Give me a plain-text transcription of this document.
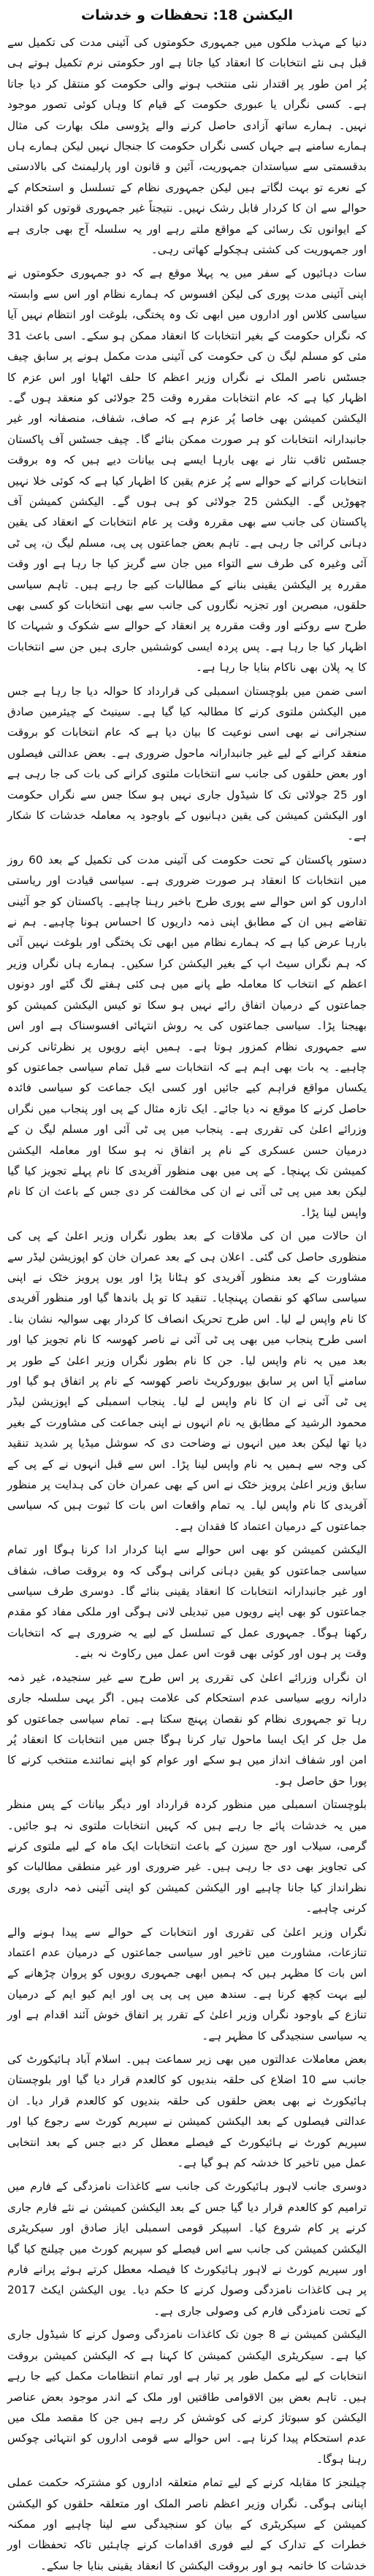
الیکشن 18: تحفظات و خدشات

دنیا کے مہذب ملکوں میں جمہوری حکومتوں کی آئینی مدت کی تکمیل سے قبل ہی نئے انتخابات کا انعقاد کیا جاتا ہے اور حکومتی نرم تکمیل ہوتے ہی پُر امن طور پر اقتدار نئی منتخب ہونے والی حکومت کو منتقل کر دیا جاتا ہے۔ کسی نگراں یا عبوری حکومت کے قیام کا وہاں کوئی تصور موجود نہیں۔ ہمارے ساتھ آزادی حاصل کرنے والے پڑوسی ملک بھارت کی مثال ہمارے سامنے ہے جہاں کسی نگراں حکومت کا جنجال نہیں لیکن ہمارے ہاں بدقسمتی سے سیاستدان جمہوریت، آئین و قانون اور پارلیمنٹ کی بالادستی کے نعرے تو بہت لگاتے ہیں لیکن جمہوری نظام کے تسلسل و استحکام کے حوالے سے ان کا کردار قابل رشک نہیں۔ نتیجتاً غیر جمہوری قوتوں کو اقتدار کے ایوانوں تک رسائی کے مواقع ملتے رہے اور یہ سلسلہ آج بھی جاری ہے اور جمہوریت کی کشتی ہچکولے کھاتی رہی۔

سات دہائیوں کے سفر میں یہ پہلا موقع ہے کہ دو جمہوری حکومتوں نے اپنی آئینی مدت پوری کی لیکن افسوس کہ ہمارے نظام اور اس سے وابستہ سیاسی کلاس اور اداروں میں ابھی تک وہ پختگی، بلوغت اور انتظام نہیں آیا کہ نگراں حکومت کے بغیر انتخابات کا انعقاد ممکن ہو سکے۔ اسی باعث 31 مئی کو مسلم لیگ ن کی حکومت کی آئینی مدت مکمل ہونے پر سابق چیف جسٹس ناصر الملک نے نگراں وزیر اعظم کا حلف اٹھایا اور اس عزم کا اظہار کیا ہے کہ عام انتخابات مقررہ وقت 25 جولائی کو منعقد ہوں گے۔ الیکشن کمیشن بھی خاصا پُر عزم ہے کہ صاف، شفاف، منصفانہ اور غیر جانبدارانہ انتخابات کو ہر صورت ممکن بنائے گا۔ چیف جسٹس آف پاکستان جسٹس ثاقب نثار نے بھی بارہا ایسے ہی بیانات دیے ہیں کہ وہ بروقت انتخابات کرانے کے حوالے سے پُر عزم یقین کا اظہار کیا ہے کہ کوئی خلا نہیں چھوڑیں گے۔ الیکشن 25 جولائی کو ہی ہوں گے۔ الیکشن کمیشن آف پاکستان کی جانب سے بھی مقررہ وقت پر عام انتخابات کے انعقاد کی یقین دہانی کرائی جا رہی ہے۔ تاہم بعض جماعتوں پی پی، مسلم لیگ ن، پی ٹی آئی وغیرہ کی طرف سے التواء میں جان سے گریز کیا جا رہا ہے اور وقت مقررہ پر الیکشن یقینی بنانے کے مطالبات کیے جا رہے ہیں۔ تاہم سیاسی حلقوں، مبصرین اور تجزیہ نگاروں کی جانب سے بھی انتخابات کو کسی بھی طرح سے روکنے اور وقت مقررہ پر انعقاد کے حوالے سے شکوک و شبہات کا اظہار کیا جا رہا ہے۔ پس پردہ ایسی کوششیں جاری ہیں جن سے انتخابات کا یہ پلان بھی ناکام بنایا جا رہا ہے۔

اسی ضمن میں بلوچستان اسمبلی کی قرارداد کا حوالہ دیا جا رہا ہے جس میں الیکشن ملتوی کرنے کا مطالبہ کیا گیا ہے۔ سینیٹ کے چیئرمین صادق سنجرانی نے بھی اسی نوعیت کا بیان دیا ہے کہ عام انتخابات کو بروقت منعقد کرانے کے لیے غیر جانبدارانہ ماحول ضروری ہے۔ بعض عدالتی فیصلوں اور بعض حلقوں کی جانب سے انتخابات ملتوی کرانے کی بات کی جا رہی ہے اور 25 جولائی تک کا شیڈول جاری نہیں ہو سکا جس سے نگراں حکومت اور الیکشن کمیشن کی یقین دہانیوں کے باوجود یہ معاملہ خدشات کا شکار ہے۔

دستور پاکستان کے تحت حکومت کی آئینی مدت کی تکمیل کے بعد 60 روز میں انتخابات کا انعقاد ہر صورت ضروری ہے۔ سیاسی قیادت اور ریاستی اداروں کو اس حوالے سے پوری طرح باخبر رہنا چاہیے۔ پاکستان کو جو آئینی تقاضے ہیں ان کے مطابق اپنی ذمہ داریوں کا احساس ہونا چاہیے۔ ہم نے بارہا عرض کیا ہے کہ ہمارے نظام میں ابھی تک پختگی اور بلوغت نہیں آئی کہ ہم نگراں سیٹ اپ کے بغیر الیکشن کرا سکیں۔ ہمارے ہاں نگراں وزیر اعظم کے انتخاب کا معاملہ طے پانے میں ہی کئی ہفتے لگ گئے اور دونوں جماعتوں کے درمیان اتفاق رائے نہیں ہو سکا تو کیس الیکشن کمیشن کو بھیجنا پڑا۔ سیاسی جماعتوں کی یہ روش انتہائی افسوسناک ہے اور اس سے جمہوری نظام کمزور ہوتا ہے۔ ہمیں اپنے رویوں پر نظرثانی کرنی چاہیے۔ یہ بات بھی اہم ہے کہ انتخابات سے قبل تمام سیاسی جماعتوں کو یکساں مواقع فراہم کیے جائیں اور کسی ایک جماعت کو سیاسی فائدہ حاصل کرنے کا موقع نہ دیا جائے۔ ایک تازہ مثال کے پی اور پنجاب میں نگراں وزرائے اعلیٰ کی تقرری ہے۔ پنجاب میں پی ٹی آئی اور مسلم لیگ ن کے درمیان حسن عسکری کے نام پر اتفاق نہ ہو سکا اور معاملہ الیکشن کمیشن تک پہنچا۔ کے پی میں بھی منظور آفریدی کا نام پہلے تجویز کیا گیا لیکن بعد میں پی ٹی آئی نے ان کی مخالفت کر دی جس کے باعث ان کا نام واپس لینا پڑا۔

ان حالات میں ان کی ملاقات کے بعد بطور نگراں وزیر اعلیٰ کے پی کی منظوری حاصل کی گئی۔ اعلان ہی کے بعد عمران خان کو اپوزیشن لیڈر سے مشاورت کے بعد منظور آفریدی کو ہٹانا پڑا اور یوں پرویز خٹک نے اپنی سیاسی ساکھ کو نقصان پہنچایا۔ تنقید کا تو پل باندھا گیا اور منظور آفریدی کا نام واپس لے لیا۔ اس طرح تحریک انصاف کا کردار بھی سوالیہ نشان بنا۔ اسی طرح پنجاب میں بھی پی ٹی آئی نے ناصر کھوسہ کا نام تجویز کیا اور بعد میں یہ نام واپس لیا۔ جن کا نام بطور نگراں وزیر اعلیٰ کے طور پر سامنے آیا اس پر سابق بیوروکریٹ ناصر کھوسہ کے نام پر اتفاق ہو گیا اور پی ٹی آئی نے ان کا نام واپس لے لیا۔ پنجاب اسمبلی کے اپوزیشن لیڈر محمود الرشید کے مطابق یہ نام انہوں نے اپنی جماعت کی مشاورت کے بغیر دیا تھا لیکن بعد میں انہوں نے وضاحت دی کہ سوشل میڈیا پر شدید تنقید کی وجہ سے ہمیں یہ نام واپس لینا پڑا۔ اس سے قبل انہوں نے کے پی کے سابق وزیر اعلیٰ پرویز خٹک نے اس کے بھی عمران خان کی ہدایت پر منظور آفریدی کا نام واپس لیا۔ یہ تمام واقعات اس بات کا ثبوت ہیں کہ سیاسی جماعتوں کے درمیان اعتماد کا فقدان ہے۔

الیکشن کمیشن کو بھی اس حوالے سے اپنا کردار ادا کرنا ہوگا اور تمام سیاسی جماعتوں کو یقین دہانی کرانی ہوگی کہ وہ بروقت صاف، شفاف اور غیر جانبدارانہ انتخابات کا انعقاد یقینی بنائے گا۔ دوسری طرف سیاسی جماعتوں کو بھی اپنے رویوں میں تبدیلی لانی ہوگی اور ملکی مفاد کو مقدم رکھنا ہوگا۔ جمہوری عمل کے تسلسل کے لیے یہ ضروری ہے کہ انتخابات وقت پر ہوں اور کوئی بھی قوت اس عمل میں رکاوٹ نہ بنے۔

ان نگراں وزرائے اعلیٰ کی تقرری پر اس طرح سے غیر سنجیدہ، غیر ذمہ دارانہ رویے سیاسی عدم استحکام کی علامت ہیں۔ اگر یہی سلسلہ جاری رہا تو جمہوری نظام کو نقصان پہنچ سکتا ہے۔ تمام سیاسی جماعتوں کو مل جل کر ایک ایسا ماحول تیار کرنا ہوگا جس میں انتخابات کا انعقاد پُر امن اور شفاف انداز میں ہو سکے اور عوام کو اپنے نمائندے منتخب کرنے کا پورا حق حاصل ہو۔

بلوچستان اسمبلی میں منظور کردہ قرارداد اور دیگر بیانات کے پس منظر میں یہ خدشات پائے جا رہے ہیں کہ کہیں انتخابات ملتوی نہ ہو جائیں۔ گرمی، سیلاب اور حج سیزن کے باعث انتخابات ایک ماہ کے لیے ملتوی کرنے کی تجاویز بھی دی جا رہی ہیں۔ غیر ضروری اور غیر منطقی مطالبات کو نظرانداز کیا جانا چاہیے اور الیکشن کمیشن کو اپنی آئینی ذمہ داری پوری کرنی چاہیے۔

نگراں وزیر اعلیٰ کی تقرری اور انتخابات کے حوالے سے پیدا ہونے والے تنازعات، مشاورت میں تاخیر اور سیاسی جماعتوں کے درمیان عدم اعتماد اس بات کا مظہر ہیں کہ ہمیں ابھی جمہوری رویوں کو پروان چڑھانے کے لیے بہت کچھ کرنا ہے۔ سندھ میں پی پی پی اور ایم کیو ایم کے درمیان تنازع کے باوجود نگراں وزیر اعلیٰ کے تقرر پر اتفاق خوش آئند اقدام ہے اور یہ سیاسی سنجیدگی کا مظہر ہے۔

بعض معاملات عدالتوں میں بھی زیر سماعت ہیں۔ اسلام آباد ہائیکورٹ کی جانب سے 10 اضلاع کی حلقہ بندیوں کو کالعدم قرار دیا گیا اور بلوچستان ہائیکورٹ نے بھی بعض حلقوں کی حلقہ بندیوں کو کالعدم قرار دیا۔ ان عدالتی فیصلوں کے بعد الیکشن کمیشن نے سپریم کورٹ سے رجوع کیا اور سپریم کورٹ نے ہائیکورٹ کے فیصلے معطل کر دیے جس کے بعد انتخابی عمل میں تاخیر کا خدشہ کم ہو گیا ہے۔

دوسری جانب لاہور ہائیکورٹ کی جانب سے کاغذات نامزدگی کے فارم میں ترامیم کو کالعدم قرار دیا گیا جس کے بعد الیکشن کمیشن نے نئے فارم جاری کرنے پر کام شروع کیا۔ اسپیکر قومی اسمبلی ایاز صادق اور سیکریٹری الیکشن کمیشن کی جانب سے اس فیصلے کو سپریم کورٹ میں چیلنج کیا گیا اور سپریم کورٹ نے لاہور ہائیکورٹ کا فیصلہ معطل کرتے ہوئے پرانے فارم پر ہی کاغذات نامزدگی وصول کرنے کا حکم دیا۔ یوں الیکشن ایکٹ 2017 کے تحت نامزدگی فارم کی وصولی جاری ہے۔

الیکشن کمیشن نے 8 جون تک کاغذات نامزدگی وصول کرنے کا شیڈول جاری کیا ہے۔ سیکریٹری الیکشن کمیشن کا کہنا ہے کہ الیکشن کمیشن بروقت انتخابات کے لیے مکمل طور پر تیار ہے اور تمام انتظامات مکمل کیے جا رہے ہیں۔ تاہم بعض بین الاقوامی طاقتیں اور ملک کے اندر موجود بعض عناصر الیکشن کو سبوتاژ کرنے کی کوشش کر رہے ہیں جن کا مقصد ملک میں عدم استحکام پیدا کرنا ہے۔ اس حوالے سے قومی اداروں کو انتہائی چوکس رہنا ہوگا۔

چیلنجز کا مقابلہ کرنے کے لیے تمام متعلقہ اداروں کو مشترکہ حکمت عملی اپنانی ہوگی۔ نگراں وزیر اعظم ناصر الملک اور متعلقہ حلقوں کو الیکشن کمیشن کے سیکریٹری کے بیان کو سنجیدگی سے لینا چاہیے اور ممکنہ خطرات کے تدارک کے لیے فوری اقدامات کرنے چاہئیں تاکہ تحفظات اور خدشات کا خاتمہ ہو اور بروقت الیکشن کا انعقاد یقینی بنایا جا سکے۔
